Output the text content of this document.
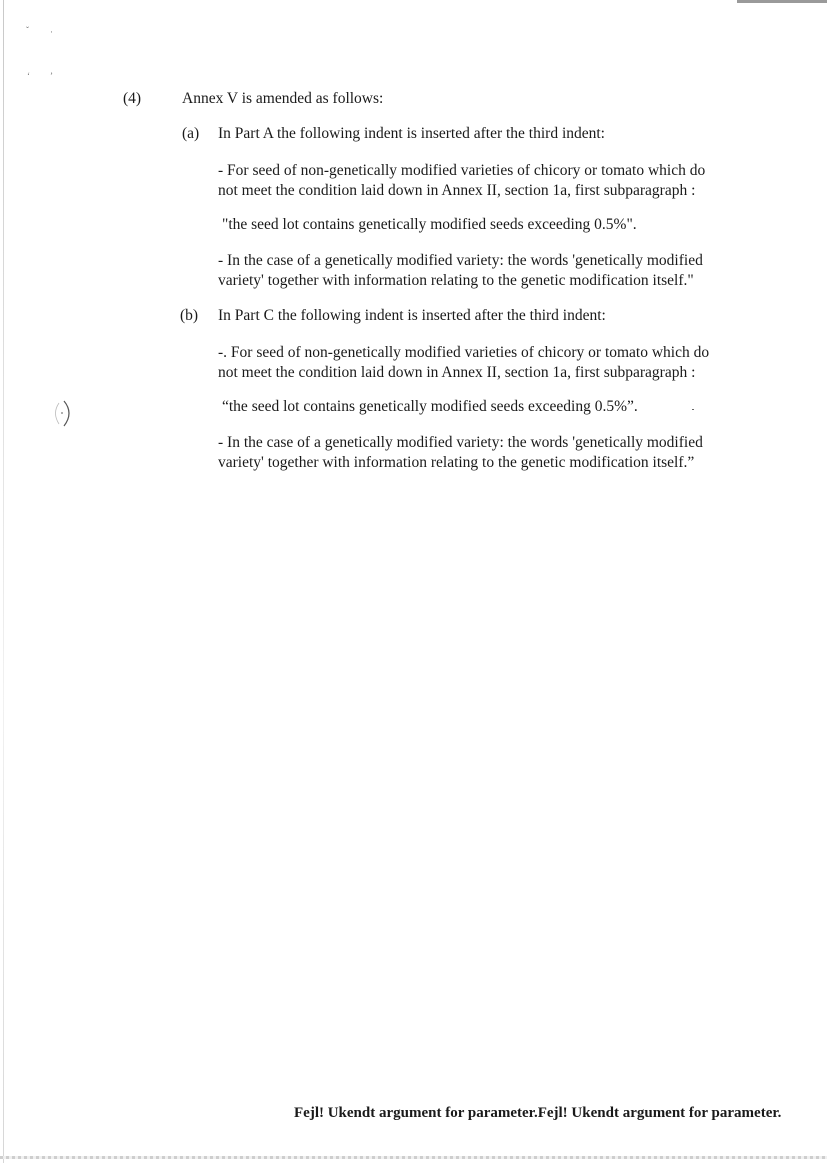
ˇ ·
‘ ’
(4)	Annex V is amended as follows:
(a) In Part A the following indent is inserted after the third indent:
- For seed of non-genetically modified varieties of chicory or tomato which do
not meet the condition laid down in Annex II, section 1a, first subparagraph :
"the seed lot contains genetically modified seeds exceeding 0.5%".
- In the case of a genetically modified variety: the words 'genetically modified
variety' together with information relating to the genetic modification itself."
(b) In Part C the following indent is inserted after the third indent:
-. For seed of non-genetically modified varieties of chicory or tomato which do
not meet the condition laid down in Annex II, section 1a, first subparagraph :
“the seed lot contains genetically modified seeds exceeding 0.5%”.
- In the case of a genetically modified variety: the words 'genetically modified
variety' together with information relating to the genetic modification itself.”
Fejl! Ukendt argument for parameter.Fejl! Ukendt argument for parameter.
